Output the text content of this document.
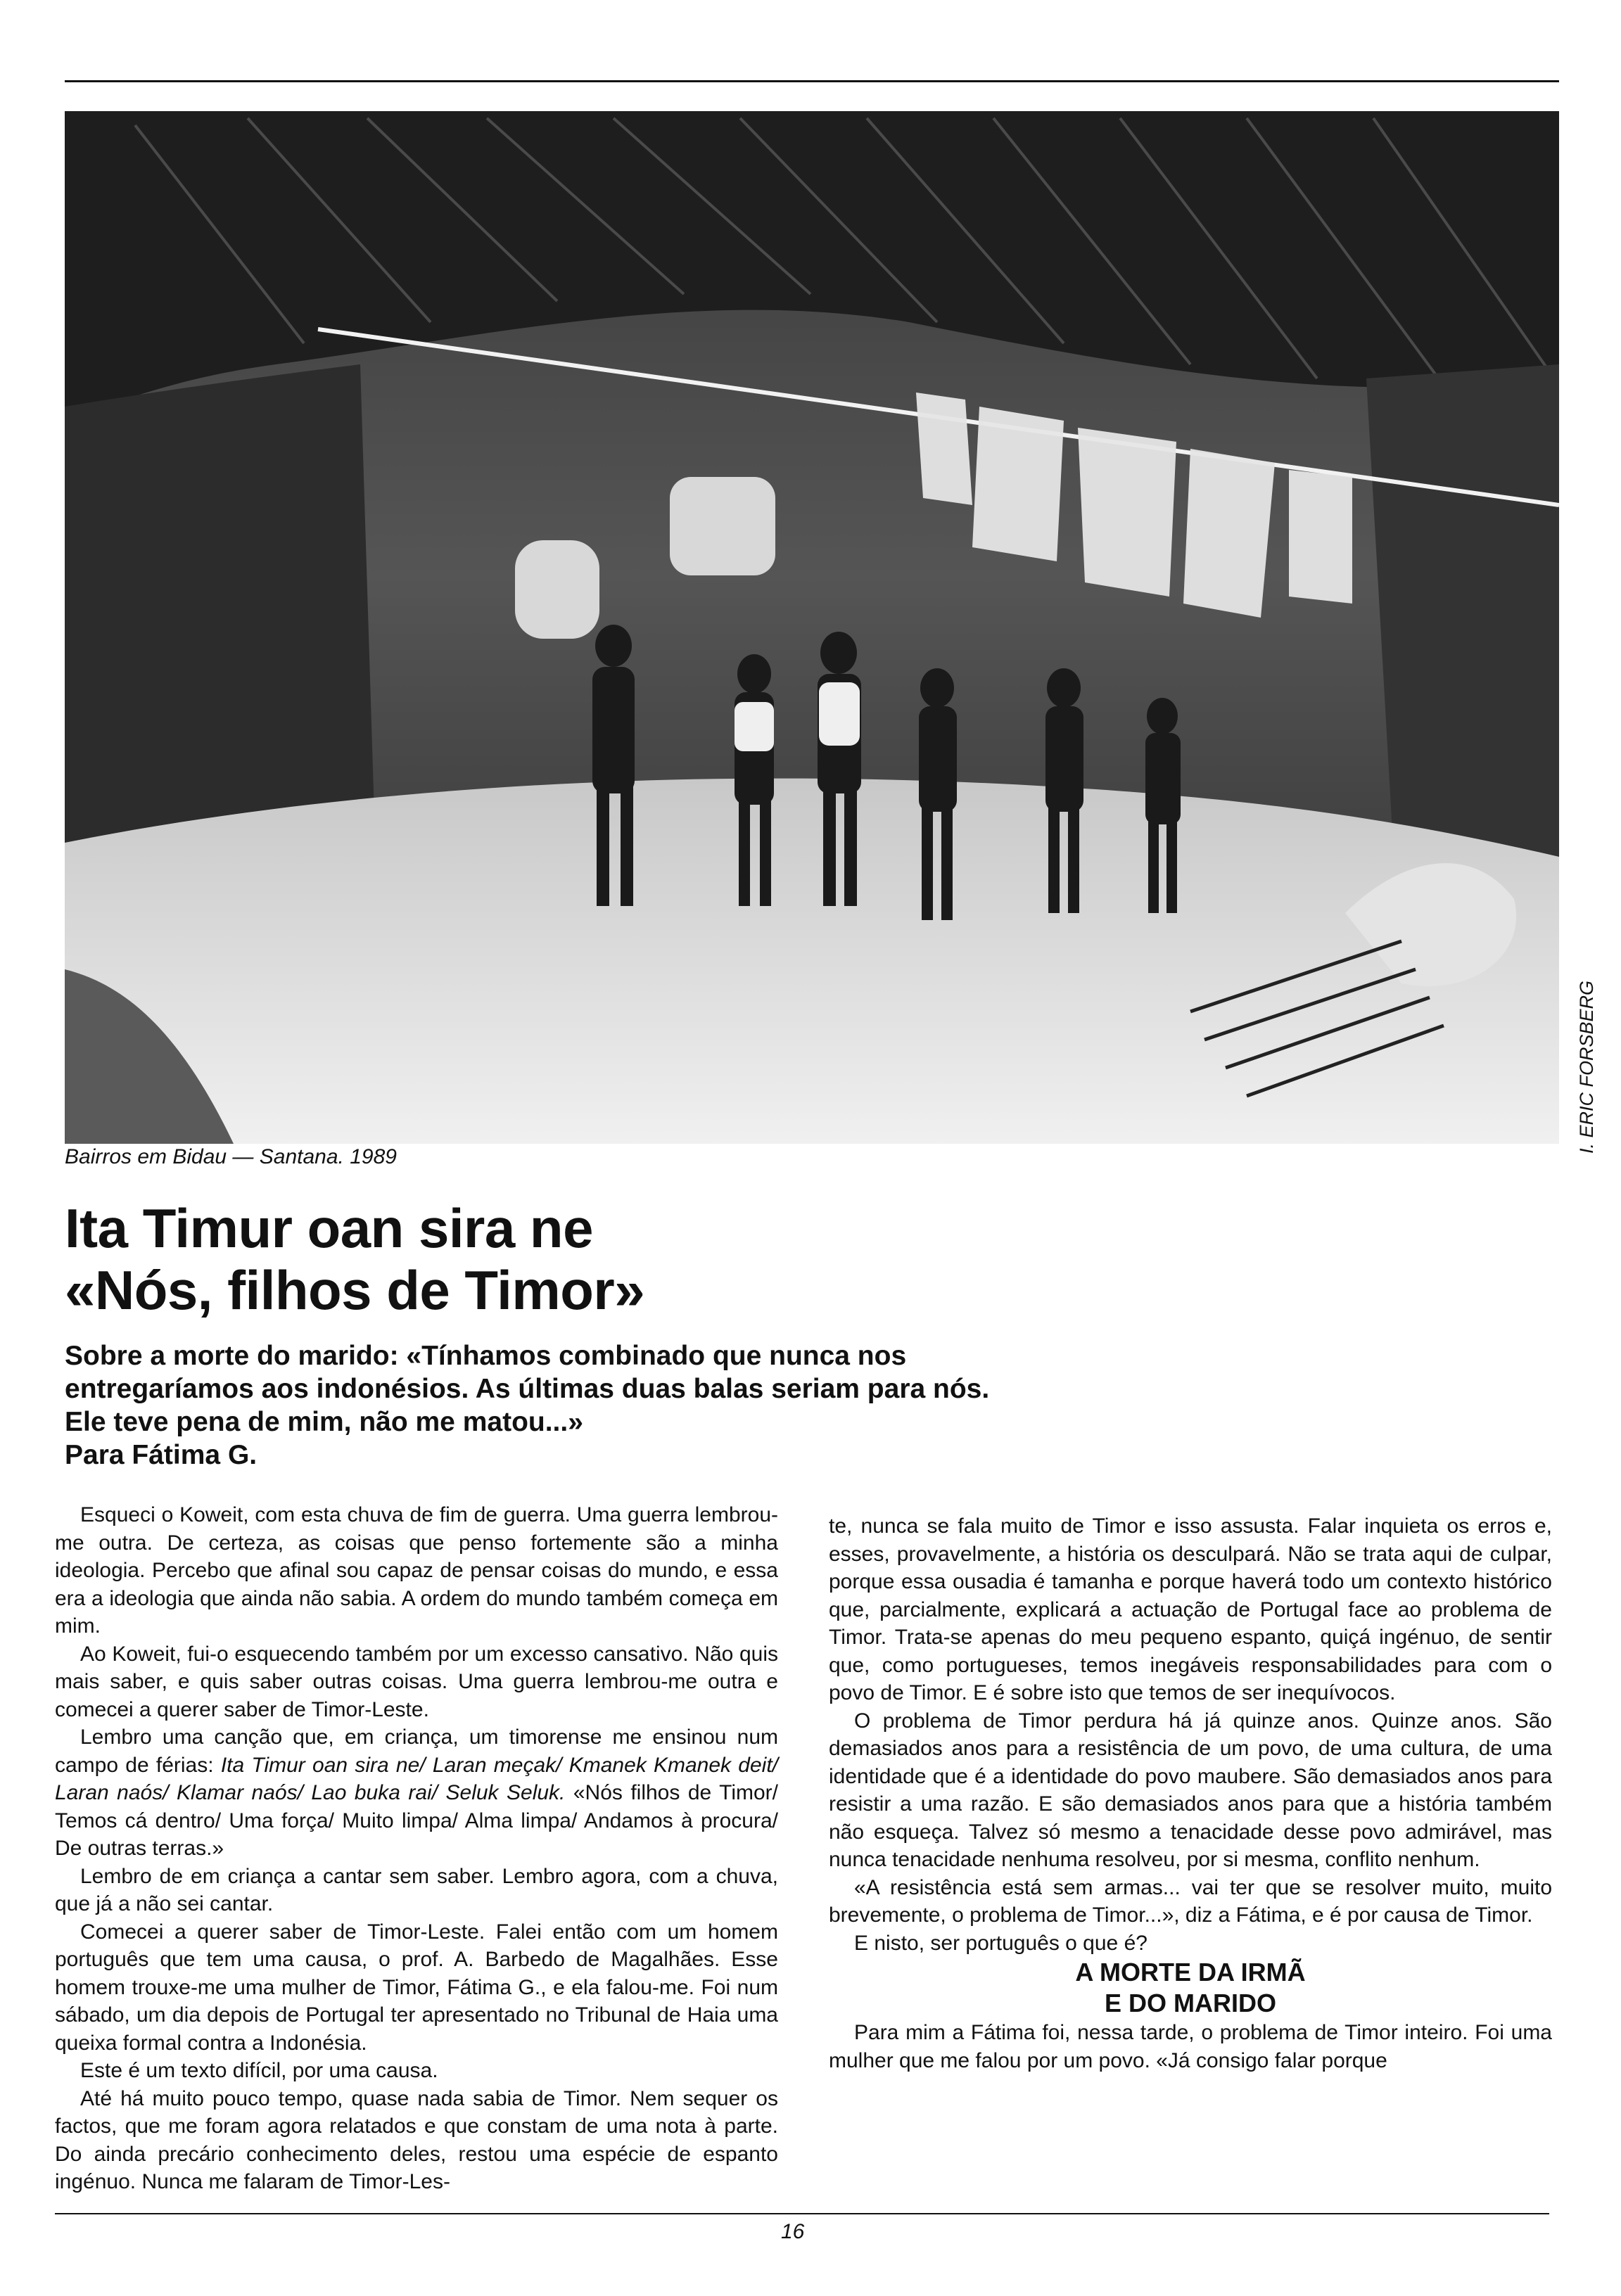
I. ERIC FORSBERG
Bairros em Bidau — Santana. 1989
Ita Timur oan sira ne
«Nós, filhos de Timor»
Sobre a morte do marido: «Tínhamos combinado que nunca nos
entregaríamos aos indonésios. As últimas duas balas seriam para nós.
Ele teve pena de mim, não me matou...»
Para Fátima G.

Esqueci o Koweit, com esta chuva de fim de guerra. Uma guerra lembrou-me outra. De certeza, as coisas que penso fortemente são a minha ideologia. Percebo que afinal sou capaz de pensar coisas do mundo, e essa era a ideologia que ainda não sabia. A ordem do mundo também começa em mim.

Ao Koweit, fui-o esquecendo também por um excesso cansativo. Não quis mais saber, e quis saber outras coisas. Uma guerra lembrou-me outra e comecei a querer saber de Timor-Leste.

Lembro uma canção que, em criança, um timorense me ensinou num campo de férias: Ita Timur oan sira ne/ Laran meçak/ Kmanek Kmanek deit/ Laran naós/ Klamar naós/ Lao buka rai/ Seluk Seluk. «Nós filhos de Timor/ Temos cá dentro/ Uma força/ Muito limpa/ Alma limpa/ Andamos à procura/ De outras terras.»

Lembro de em criança a cantar sem saber. Lembro agora, com a chuva, que já a não sei cantar.

Comecei a querer saber de Timor-Leste. Falei então com um homem português que tem uma causa, o prof. A. Barbedo de Magalhães. Esse homem trouxe-me uma mulher de Timor, Fátima G., e ela falou-me. Foi num sábado, um dia depois de Portugal ter apresentado no Tribunal de Haia uma queixa formal contra a Indonésia.

Este é um texto difícil, por uma causa.

Até há muito pouco tempo, quase nada sabia de Timor. Nem sequer os factos, que me foram agora relatados e que constam de uma nota à parte. Do ainda precário conhecimento deles, restou uma espécie de espanto ingénuo. Nunca me falaram de Timor-Les-

te, nunca se fala muito de Timor e isso assusta. Falar inquieta os erros e, esses, provavelmente, a história os desculpará. Não se trata aqui de culpar, porque essa ousadia é tamanha e porque haverá todo um contexto histórico que, parcialmente, explicará a actuação de Portugal face ao problema de Timor. Trata-se apenas do meu pequeno espanto, quiçá ingénuo, de sentir que, como portugueses, temos inegáveis responsabilidades para com o povo de Timor. E é sobre isto que temos de ser inequívocos.

O problema de Timor perdura há já quinze anos. Quinze anos. São demasiados anos para a resistência de um povo, de uma cultura, de uma identidade que é a identidade do povo maubere. São demasiados anos para resistir a uma razão. E são demasiados anos para que a história também não esqueça. Talvez só mesmo a tenacidade desse povo admirável, mas nunca tenacidade nenhuma resolveu, por si mesma, conflito nenhum.

«A resistência está sem armas... vai ter que se resolver muito, muito brevemente, o problema de Timor...», diz a Fátima, e é por causa de Timor.

E nisto, ser português o que é?

A MORTE DA IRMÃ
E DO MARIDO

Para mim a Fátima foi, nessa tarde, o problema de Timor inteiro. Foi uma mulher que me falou por um povo. «Já consigo falar porque

16
